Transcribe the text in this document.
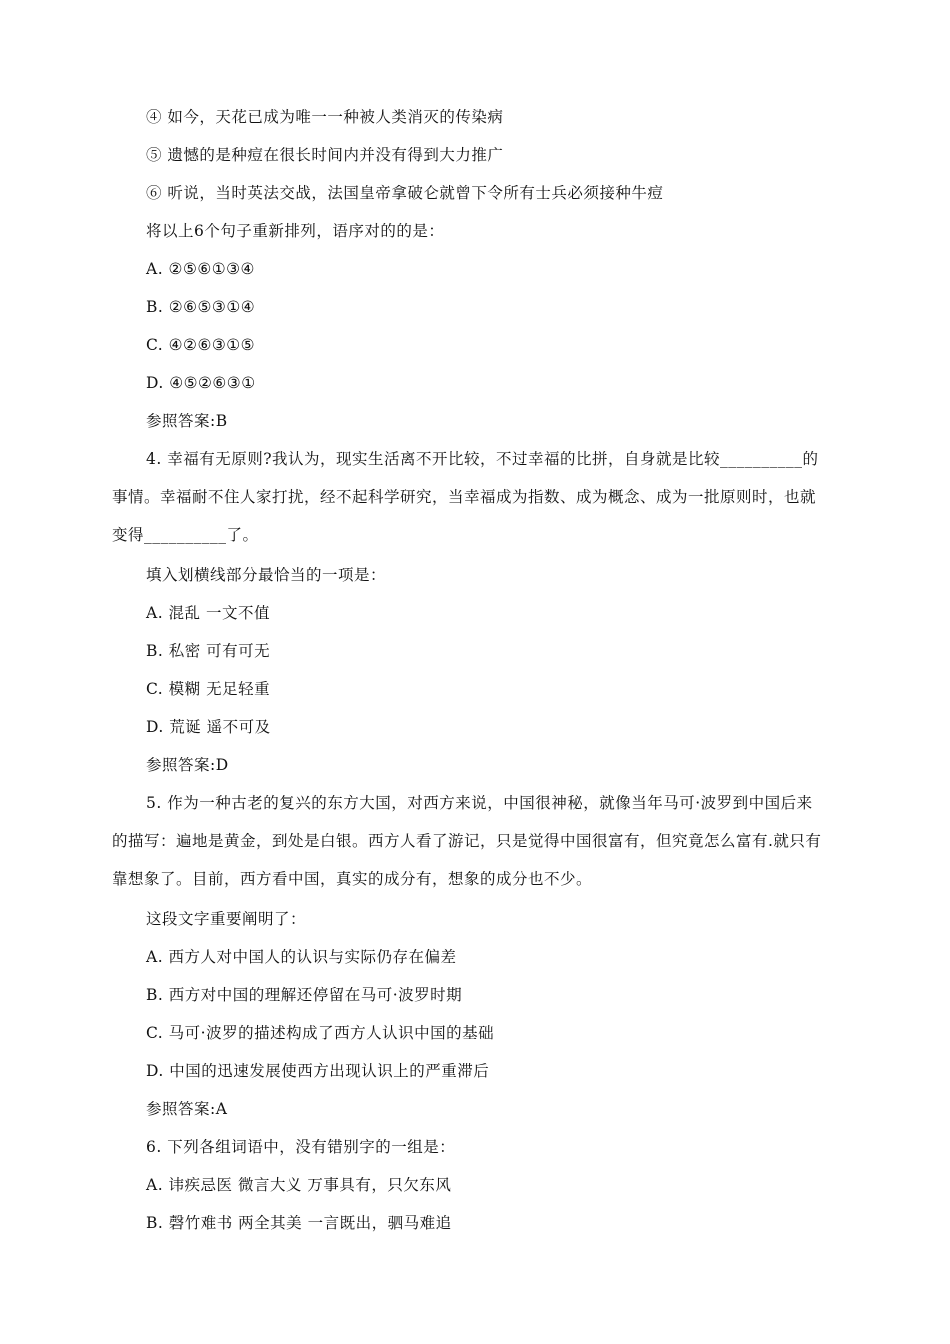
④ 如今，天花已成为唯一一种被人类消灭的传染病
⑤ 遗憾的是种痘在很长时间内并没有得到大力推广
⑥ 听说，当时英法交战，法国皇帝拿破仑就曾下令所有士兵必须接种牛痘
将以上6个句子重新排列，语序对的的是：
A. ②⑤⑥①③④
B. ②⑥⑤③①④
C. ④②⑥③①⑤
D. ④⑤②⑥③①
参照答案:B
4. 幸福有无原则?我认为，现实生活离不开比较，不过幸福的比拼，自身就是比较__________的事情。幸福耐不住人家打扰，经不起科学研究，当幸福成为指数、成为概念、成为一批原则时，也就变得__________了。
填入划横线部分最恰当的一项是：
A. 混乱 一文不值
B. 私密 可有可无
C. 模糊 无足轻重
D. 荒诞 遥不可及
参照答案:D
5. 作为一种古老的复兴的东方大国，对西方来说，中国很神秘，就像当年马可·波罗到中国后来的描写：遍地是黄金，到处是白银。西方人看了游记，只是觉得中国很富有，但究竟怎么富有.就只有靠想象了。目前，西方看中国，真实的成分有，想象的成分也不少。
这段文字重要阐明了：
A. 西方人对中国人的认识与实际仍存在偏差
B. 西方对中国的理解还停留在马可·波罗时期
C. 马可·波罗的描述构成了西方人认识中国的基础
D. 中国的迅速发展使西方出现认识上的严重滞后
参照答案:A
6. 下列各组词语中，没有错别字的一组是：
A. 讳疾忌医 微言大义 万事具有，只欠东风
B. 磬竹难书 两全其美 一言既出，驷马难追
